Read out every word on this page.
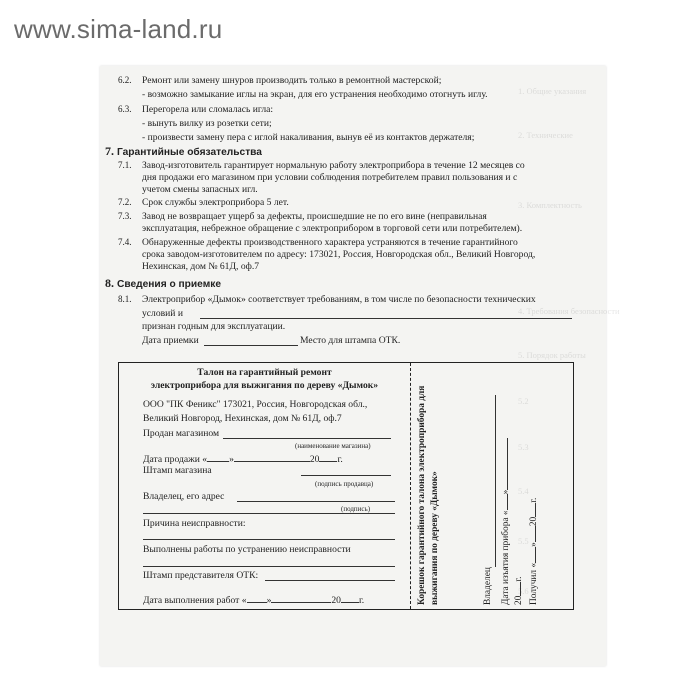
www.sima-land.ru
1. Общие указания
2. Технические
3. Комплектность
4. Требования безопасности
5. Порядок работы
5.2
5.3
5.4
5.5
5.6
6.2. Ремонт или замену шнуров производить только в ремонтной мастерской;
- возможно замыкание иглы на экран, для его устранения необходимо отогнуть иглу.
6.3. Перегорела или сломалась игла:
- вынуть вилку из розетки сети;
- произвести замену пера с иглой накаливания, вынув её из контактов держателя;
7. Гарантийные обязательства
7.1. Завод-изготовитель гарантирует нормальную работу электроприбора в течение 12 месяцев со
дня продажи его магазином при условии соблюдения потребителем правил пользования и с
учетом смены запасных игл.
7.2. Срок службы электроприбора 5 лет.
7.3. Завод не возвращает ущерб за дефекты, происшедшие не по его вине (неправильная
эксплуатация, небрежное обращение с электроприбором в торговой сети или потребителем).
7.4. Обнаруженные дефекты производственного характера устраняются в течение гарантийного
срока заводом-изготовителем по адресу: 173021, Россия, Новгородская обл., Великий Новгород,
Нехинская, дом № 61Д, оф.7
8. Сведения о приемке
8.1. Электроприбор «Дымок» соответствует требованиям, в том числе по безопасности технических
условий и
признан годным для эксплуатации.
Дата приемки	Место для штампа ОТК.
Талон на гарантийный ремонт
электроприбора для выжигания по дереву «Дымок»
ООО "ПК Феникс" 173021, Россия, Новгородская обл.,
Великий Новгород, Нехинская, дом № 61Д, оф.7
Продан магазином
(наименование магазина)
Дата продажи « »	20 г.
Штамп магазина
(подпись продавца)
Владелец, его адрес
(подпись)
Причина неисправности:
Выполнены работы по устранению неисправности
Штамп представителя ОТК:
Дата выполнения работ « »	20 г.	Корешок гарантийного талона электроприбора для выжигания по дереву «Дымок»	Владелец Дата изъятия прибора «»
20г. Получил «»20г.
